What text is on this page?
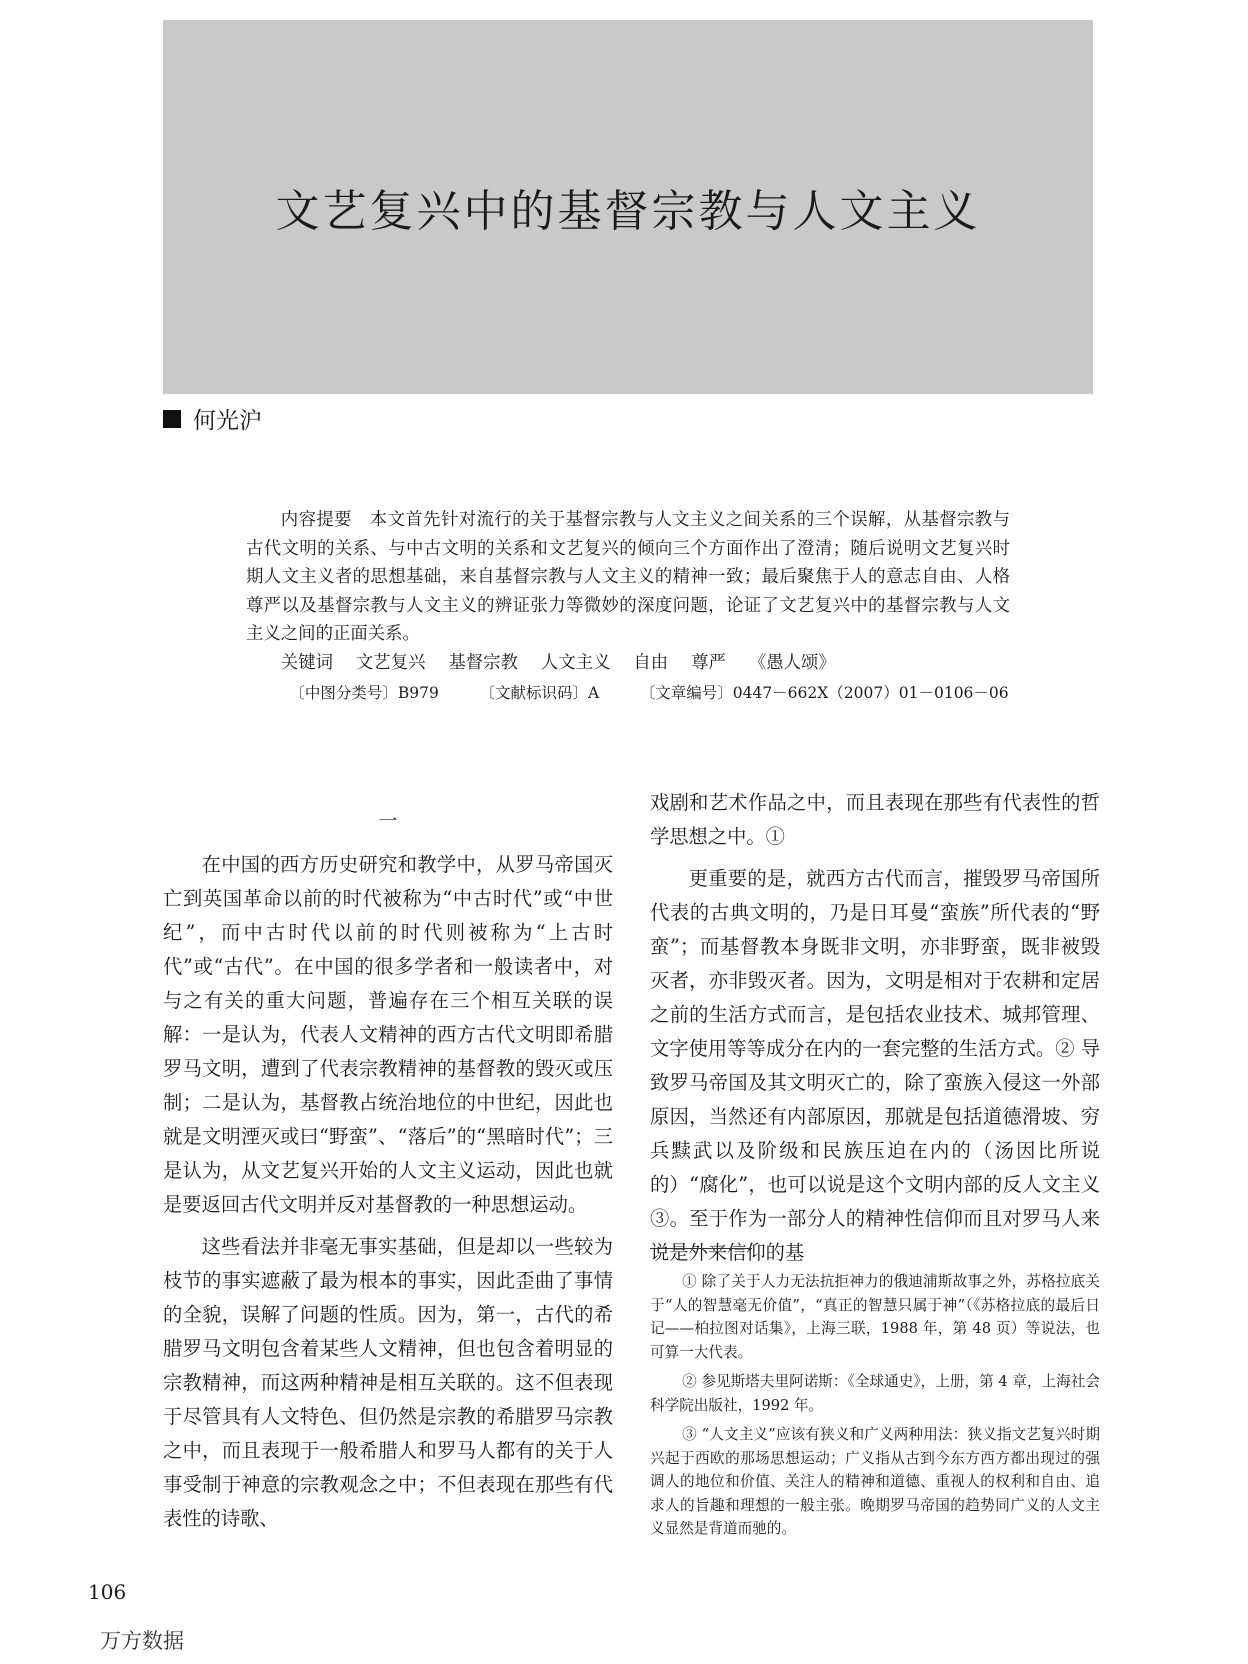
文艺复兴中的基督宗教与人文主义
何光沪

内容提要　 本文首先针对流行的关于基督宗教与人文主义之间关系的三个误解，从基督宗教与古代文明的关系、与中古文明的关系和文艺复兴的倾向三个方面作出了澄清；随后说明文艺复兴时期人文主义者的思想基础，来自基督宗教与人文主义的精神一致；最后聚焦于人的意志自由、人格尊严以及基督宗教与人文主义的辨证张力等微妙的深度问题，论证了文艺复兴中的基督宗教与人文主义之间的正面关系。

关键词 文艺复兴 基督宗教 人文主义 自由 尊严 《愚人颂》

〔中图分类号〕B979	〔文献标识码〕A	〔文章编号〕0447－662X（2007）01－0106－06

一

在中国的西方历史研究和教学中，从罗马帝国灭亡到英国革命以前的时代被称为“中古时代”或“中世纪”，而中古时代以前的时代则被称为“上古时代”或“古代”。在中国的很多学者和一般读者中，对与之有关的重大问题，普遍存在三个相互关联的误解：一是认为，代表人文精神的西方古代文明即希腊罗马文明，遭到了代表宗教精神的基督教的毁灭或压制；二是认为，基督教占统治地位的中世纪，因此也就是文明湮灭或曰“野蛮”、“落后”的“黑暗时代”；三是认为，从文艺复兴开始的人文主义运动，因此也就是要返回古代文明并反对基督教的一种思想运动。

这些看法并非毫无事实基础，但是却以一些较为枝节的事实遮蔽了最为根本的事实，因此歪曲了事情的全貌，误解了问题的性质。因为，第一，古代的希腊罗马文明包含着某些人文精神，但也包含着明显的宗教精神，而这两种精神是相互关联的。这不但表现于尽管具有人文特色、但仍然是宗教的希腊罗马宗教之中，而且表现于一般希腊人和罗马人都有的关于人事受制于神意的宗教观念之中；不但表现在那些有代表性的诗歌、

戏剧和艺术作品之中，而且表现在那些有代表性的哲学思想之中。①

更重要的是，就西方古代而言，摧毁罗马帝国所代表的古典文明的，乃是日耳曼“蛮族”所代表的“野蛮”；而基督教本身既非文明，亦非野蛮，既非被毁灭者，亦非毁灭者。因为，文明是相对于农耕和定居之前的生活方式而言，是包括农业技术、城邦管理、文字使用等等成分在内的一套完整的生活方式。② 导致罗马帝国及其文明灭亡的，除了蛮族入侵这一外部原因，当然还有内部原因，那就是包括道德滑坡、穷兵黩武以及阶级和民族压迫在内的（汤因比所说的）“腐化”，也可以说是这个文明内部的反人文主义③。至于作为一部分人的精神性信仰而且对罗马人来说是外来信仰的基

① 除了关于人力无法抗拒神力的俄迪浦斯故事之外，苏格拉底关于“人的智慧毫无价值”，“真正的智慧只属于神”（《苏格拉底的最后日记——柏拉图对话集》，上海三联，1988 年，第 48 页）等说法，也可算一大代表。

② 参见斯塔夫里阿诺斯：《全球通史》，上册，第 4 章，上海社会科学院出版社，1992 年。

③ “人文主义”应该有狭义和广义两种用法：狭义指文艺复兴时期兴起于西欧的那场思想运动；广义指从古到今东方西方都出现过的强调人的地位和价值、关注人的精神和道德、重视人的权利和自由、追求人的旨趣和理想的一般主张。晚期罗马帝国的趋势同广义的人文主义显然是背道而驰的。

106
万方数据
